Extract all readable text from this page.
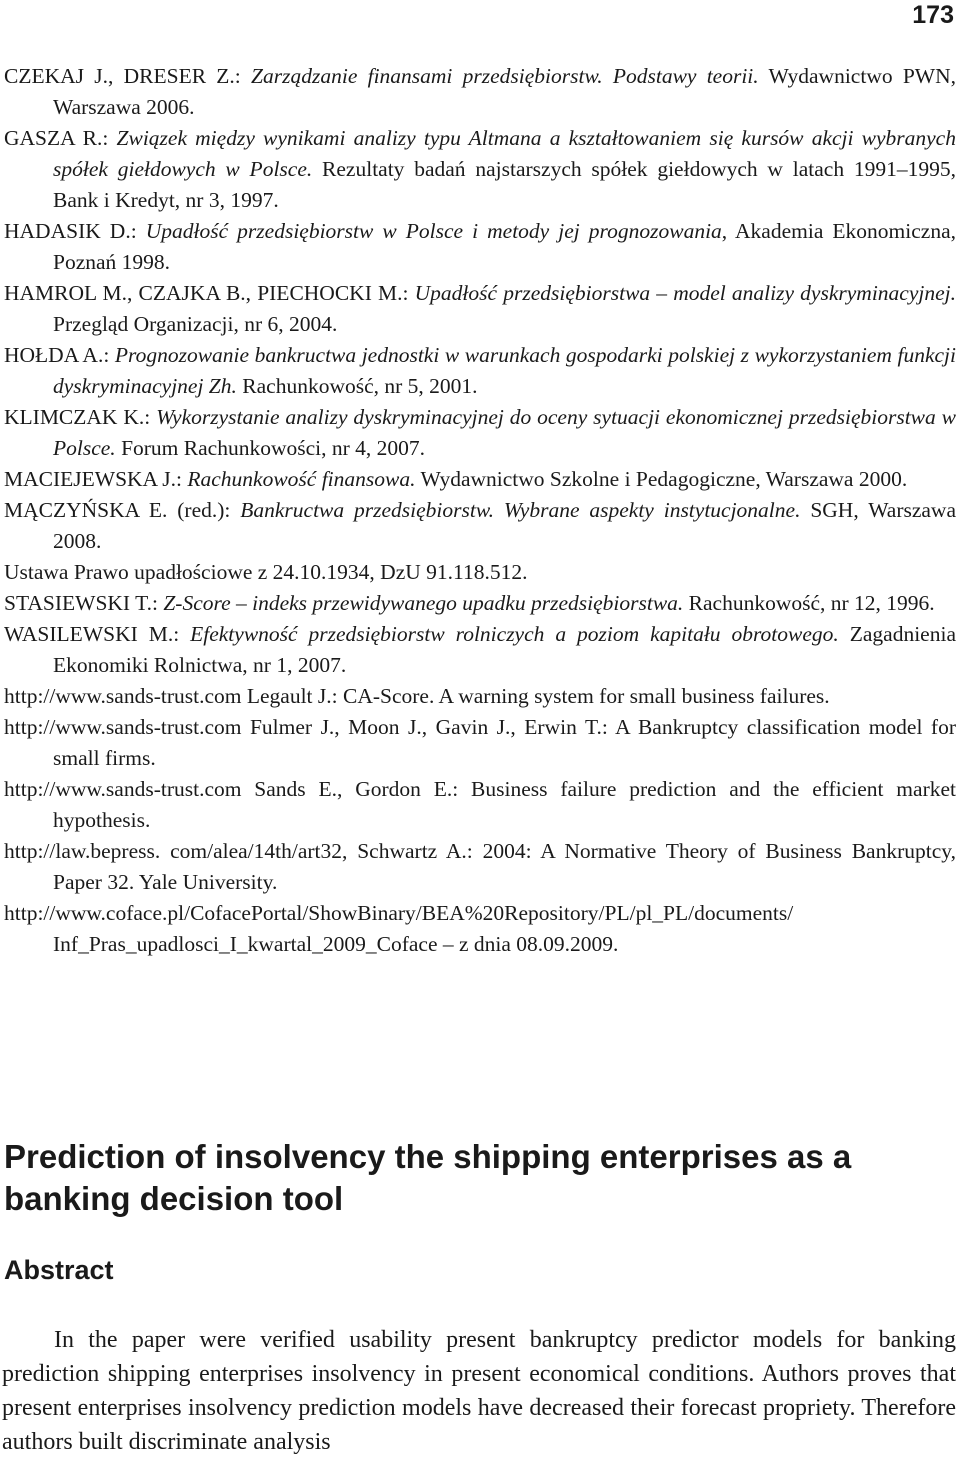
173
CZEKAJ J., DRESER Z.: Zarządzanie finansami przedsiębiorstw. Podstawy teorii. Wydawnictwo PWN, Warszawa 2006.
GASZA R.: Związek między wynikami analizy typu Altmana a kształtowaniem się kursów akcji wybranych spółek giełdowych w Polsce. Rezultaty badań najstarszych spółek giełdowych w latach 1991–1995, Bank i Kredyt, nr 3, 1997.
HADASIK D.: Upadłość przedsiębiorstw w Polsce i metody jej prognozowania, Akademia Ekonomiczna, Poznań 1998.
HAMROL M., CZAJKA B., PIECHOCKI M.: Upadłość przedsiębiorstwa – model analizy dyskryminacyjnej. Przegląd Organizacji, nr 6, 2004.
HOŁDA A.: Prognozowanie bankructwa jednostki w warunkach gospodarki polskiej z wykorzystaniem funkcji dyskryminacyjnej Zh. Rachunkowość, nr 5, 2001.
KLIMCZAK K.: Wykorzystanie analizy dyskryminacyjnej do oceny sytuacji ekonomicznej przedsiębiorstwa w Polsce. Forum Rachunkowości, nr 4, 2007.
MACIEJEWSKA J.: Rachunkowość finansowa. Wydawnictwo Szkolne i Pedagogiczne, Warszawa 2000.
MĄCZYŃSKA E. (red.): Bankructwa przedsiębiorstw. Wybrane aspekty instytucjonalne. SGH, Warszawa 2008.
Ustawa Prawo upadłościowe z 24.10.1934, DzU 91.118.512.
STASIEWSKI T.: Z-Score – indeks przewidywanego upadku przedsiębiorstwa. Rachunkowość, nr 12, 1996.
WASILEWSKI M.: Efektywność przedsiębiorstw rolniczych a poziom kapitału obrotowego. Zagadnienia Ekonomiki Rolnictwa, nr 1, 2007.
http://www.sands-trust.com Legault J.: CA-Score. A warning system for small business failures.
http://www.sands-trust.com Fulmer J., Moon J., Gavin J., Erwin T.: A Bankruptcy classification model for small firms.
http://www.sands-trust.com Sands E., Gordon E.: Business failure prediction and the efficient market hypothesis.
http://law.bepress. com/alea/14th/art32, Schwartz A.: 2004: A Normative Theory of Business Bankruptcy, Paper 32. Yale University.
http://www.coface.pl/CofacePortal/ShowBinary/BEA%20Repository/PL/pl_PL/documents/ Inf_Pras_upadlosci_I_kwartal_2009_Coface – z dnia 08.09.2009.
Prediction of insolvency the shipping enterprises as a banking decision tool
Abstract
In the paper were verified usability present bankruptcy predictor models for banking prediction shipping enterprises insolvency in present economical conditions. Authors proves that present enterprises insolvency prediction models have decreased their forecast propriety. Therefore authors built discriminate analysis
